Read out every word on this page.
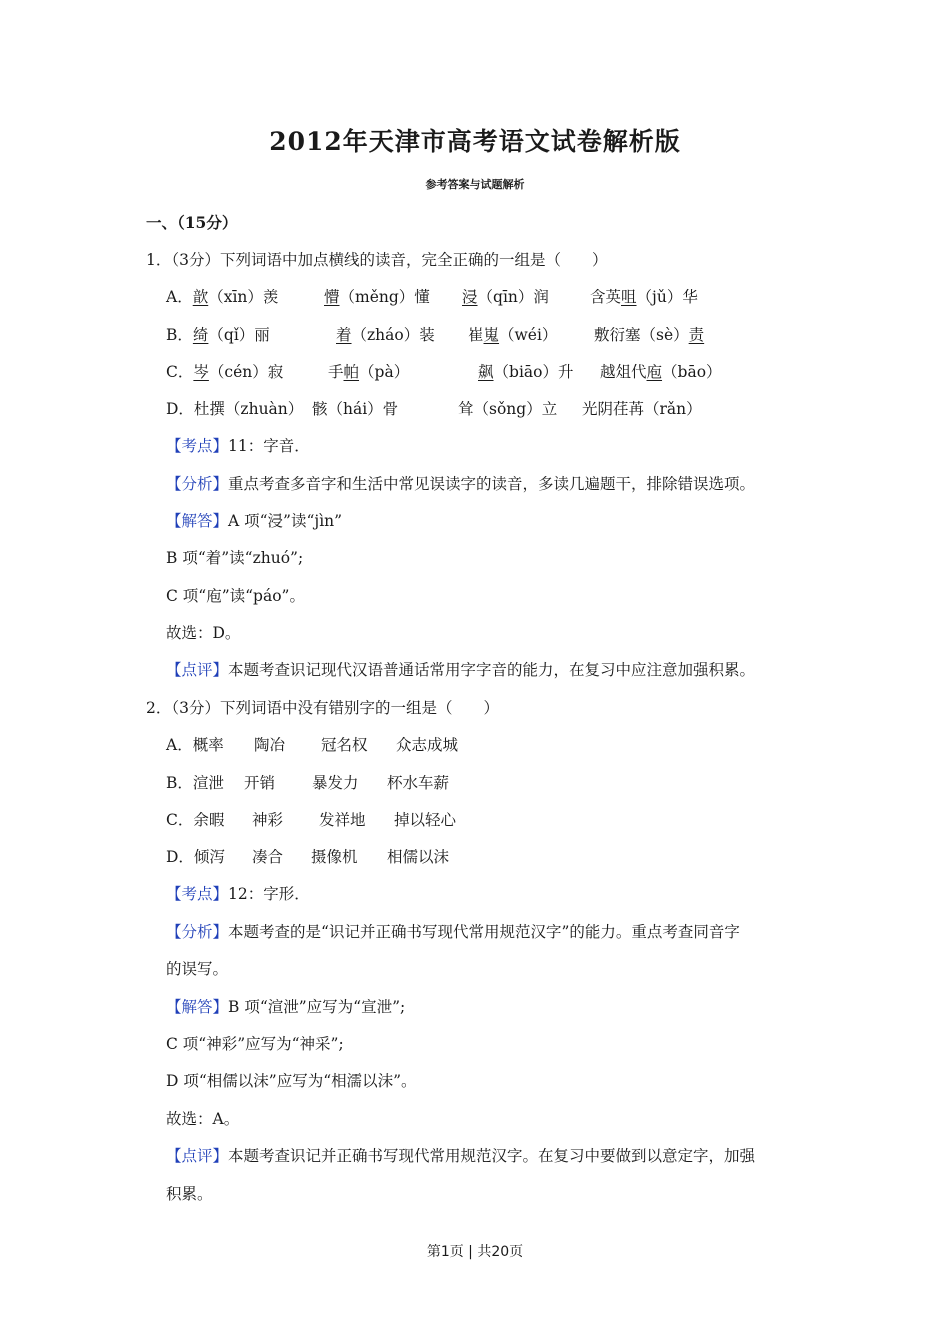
2012年天津市高考语文试卷解析版
参考答案与试题解析
一、（15分）
1．（3分）下列词语中加点横线的读音，完全正确的一组是（　　）
A．歆（xīn）羡	懵（měng）懂 浸（qīn）润	含英咀（jǔ）华
B．绮（qǐ）丽	着（zháo）装 崔嵬（wéi） 敷衍塞（sè）责
C．岑（cén）寂	手帕（pà）	飙（biāo）升 越俎代庖（bāo）
D．杜撰（zhuàn） 骸（hái）骨	耸（sǒng）立 光阴荏苒（rǎn）
【考点】11：字音．
【分析】重点考查多音字和生活中常见误读字的读音，多读几遍题干，排除错误选项。
【解答】A 项“浸”读“jìn”
B 项“着”读“zhuó”;
C 项“庖”读“páo”。
故选：D。
【点评】本题考查识记现代汉语普通话常用字字音的能力，在复习中应注意加强积累。
2．（3分）下列词语中没有错别字的一组是（　　）
A．概率 陶冶 冠名权 众志成城
B．渲泄 开销 暴发力 杯水车薪
C．余暇 神彩 发祥地 掉以轻心
D．倾泻 凑合 摄像机 相儒以沫
【考点】12：字形．
【分析】本题考查的是“识记并正确书写现代常用规范汉字”的能力。重点考查同音字
的误写。
【解答】B 项“渲泄”应写为“宣泄”;
C 项“神彩”应写为“神采”;
D 项“相儒以沫”应写为“相濡以沫”。
故选：A。
【点评】本题考查识记并正确书写现代常用规范汉字。在复习中要做到以意定字，加强
积累。
第1页 | 共20页
